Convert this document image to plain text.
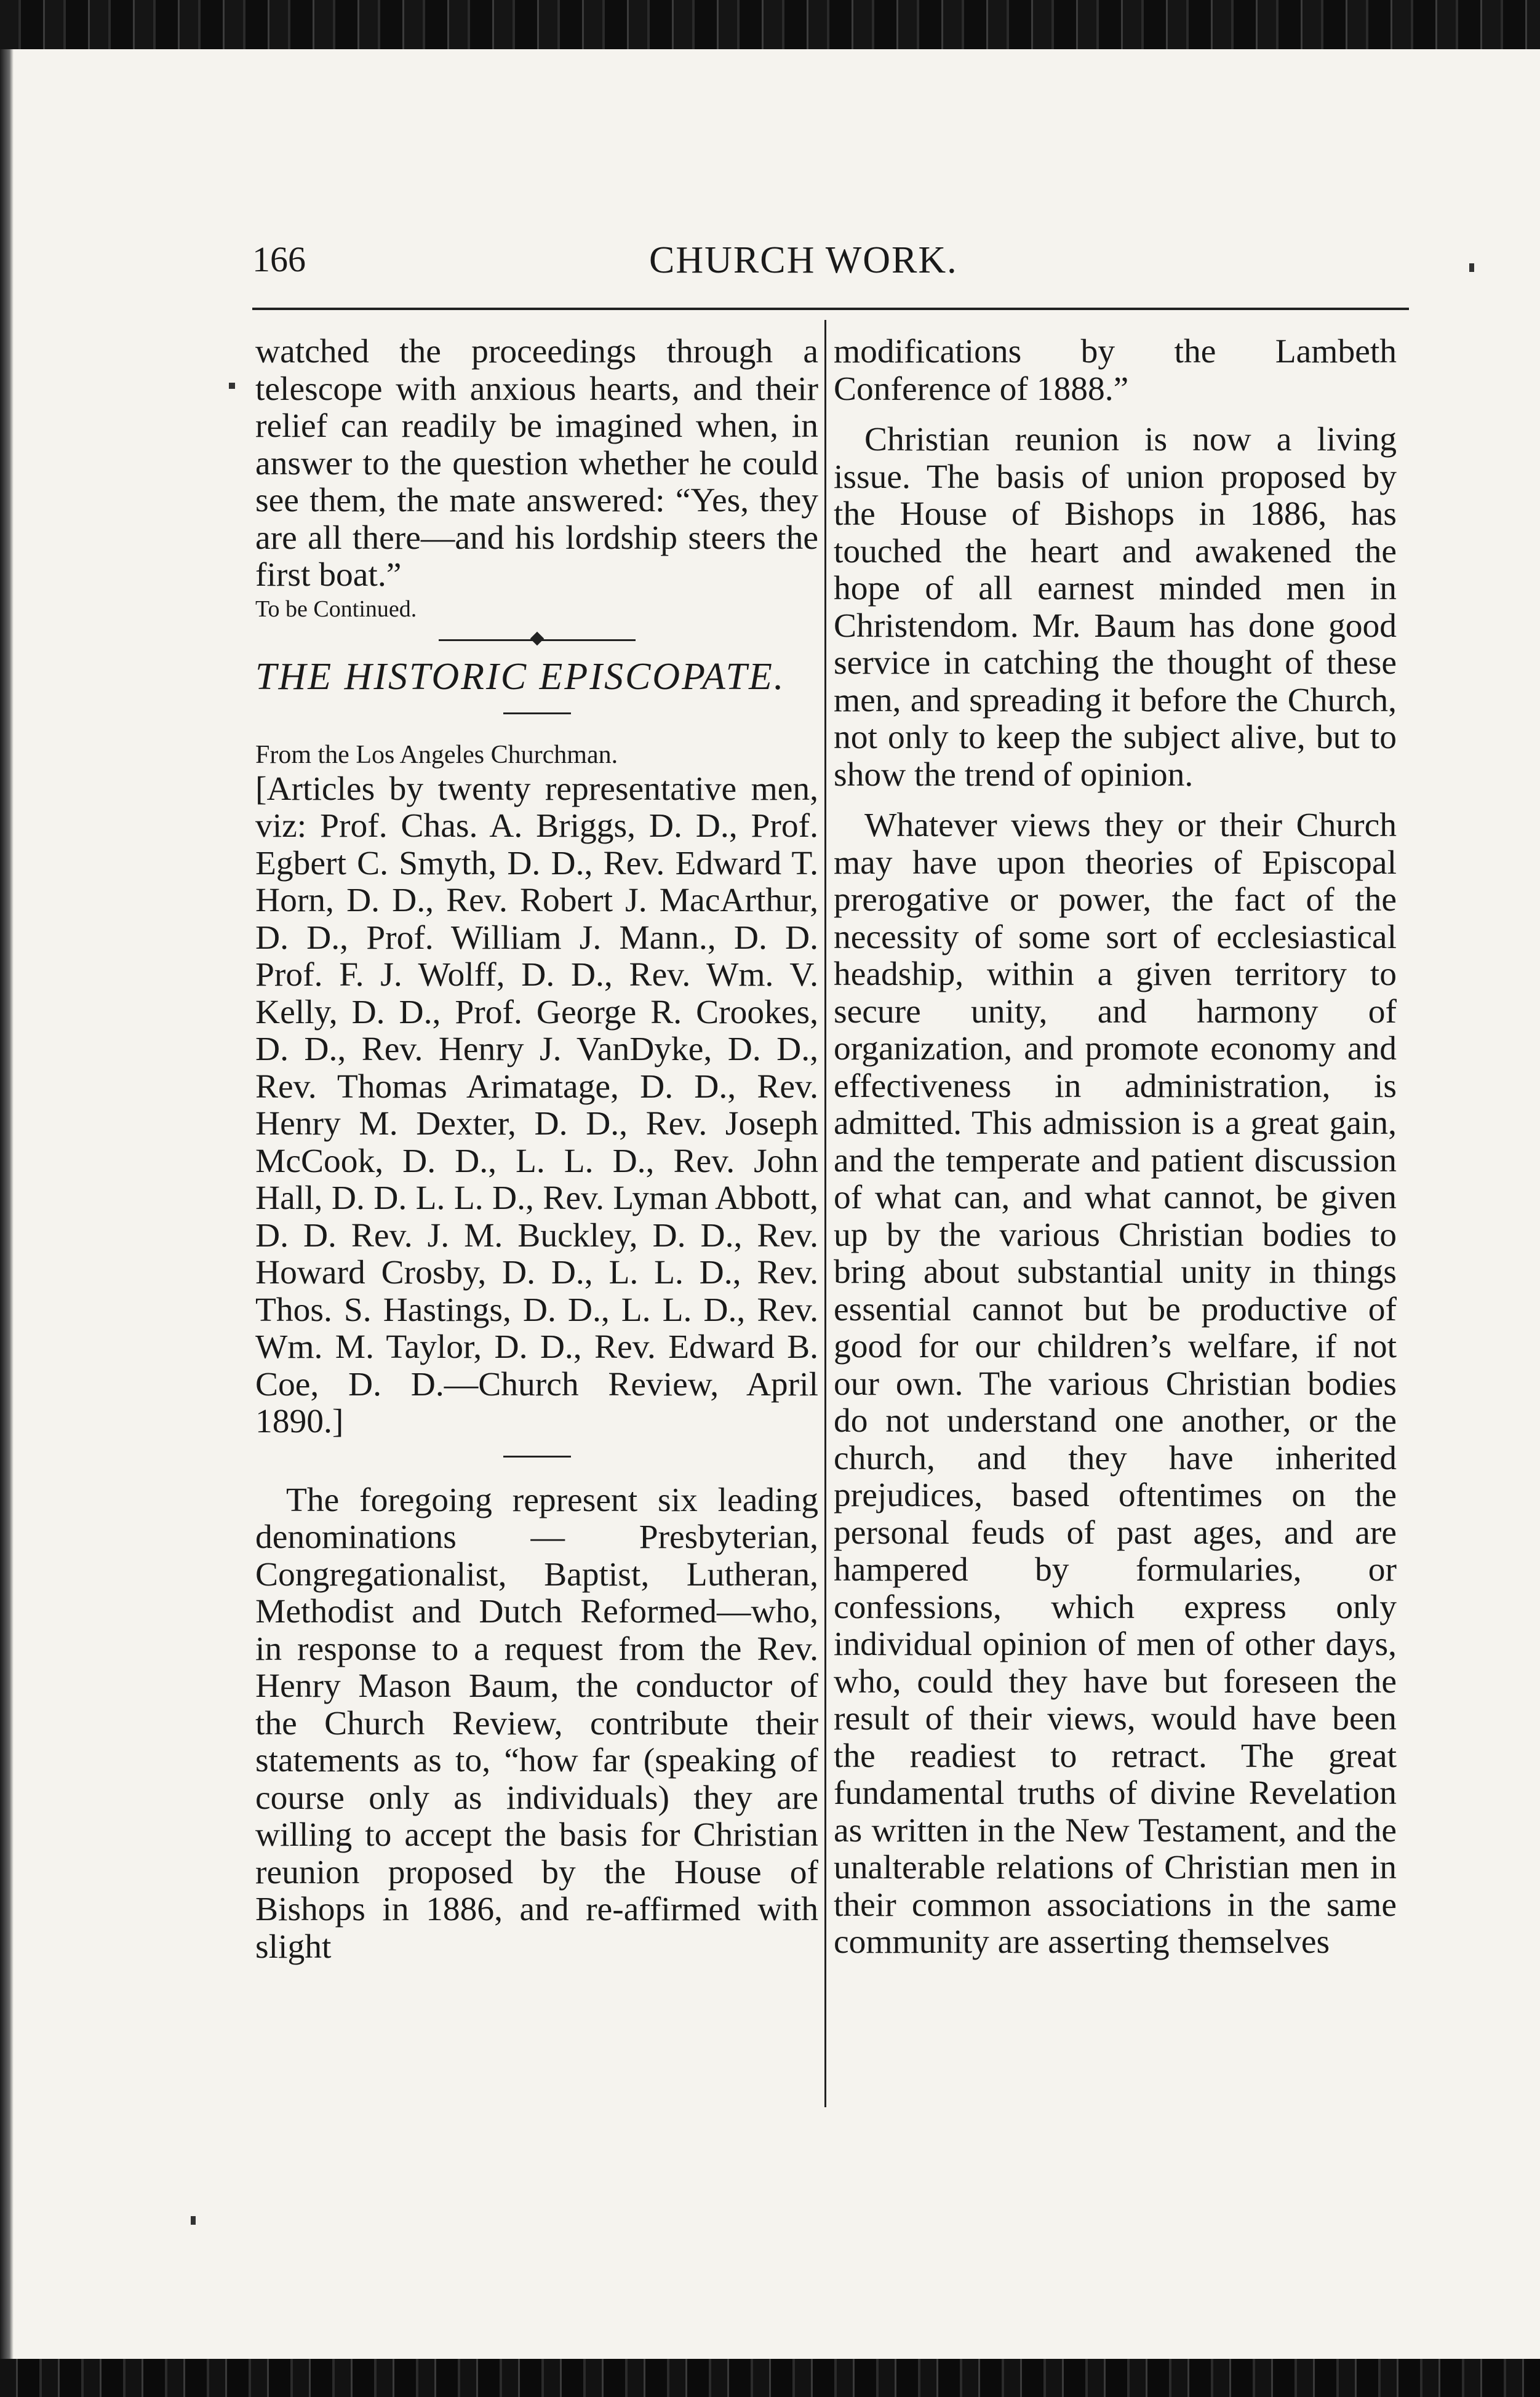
166	CHURCH WORK.

watched the proceedings through a telescope with anxious hearts, and their relief can readily be imagined when, in answer to the question whether he could see them, the mate answered: “Yes, they are all there—and his lordship steers the first boat.”

To be Continued.

THE HISTORIC EPISCOPATE.

From the Los Angeles Churchman.

[Articles by twenty representative men, viz: Prof. Chas. A. Briggs, D. D., Prof. Egbert C. Smyth, D. D., Rev. Edward T. Horn, D. D., Rev. Robert J. MacArthur, D. D., Prof. William J. Mann., D. D. Prof. F. J. Wolff, D. D., Rev. Wm. V. Kelly, D. D., Prof. George R. Crookes, D. D., Rev. Henry J. VanDyke, D. D., Rev. Thomas Arimatage, D. D., Rev. Henry M. Dexter, D. D., Rev. Joseph McCook, D. D., L. L. D., Rev. John Hall, D. D. L. L. D., Rev. Lyman Abbott, D. D. Rev. J. M. Buckley, D. D., Rev. Howard Crosby, D. D., L. L. D., Rev. Thos. S. Hastings, D. D., L. L. D., Rev. Wm. M. Taylor, D. D., Rev. Edward B. Coe, D. D.—Church Review, April 1890.]

The foregoing represent six leading denominations — Presbyterian, Congregationalist, Baptist, Lutheran, Methodist and Dutch Reformed—who, in response to a request from the Rev. Henry Mason Baum, the conductor of the Church Review, contribute their statements as to, “how far (speaking of course only as individuals) they are willing to accept the basis for Christian reunion proposed by the House of Bishops in 1886, and re-affirmed with slight

modifications by the Lambeth Conference of 1888.”

Christian reunion is now a living issue. The basis of union proposed by the House of Bishops in 1886, has touched the heart and awakened the hope of all earnest minded men in Christendom. Mr. Baum has done good service in catching the thought of these men, and spreading it before the Church, not only to keep the subject alive, but to show the trend of opinion.

Whatever views they or their Church may have upon theories of Episcopal prerogative or power, the fact of the necessity of some sort of ecclesiastical headship, within a given territory to secure unity, and harmony of organization, and promote economy and effectiveness in administration, is admitted. This admission is a great gain, and the temperate and patient discussion of what can, and what cannot, be given up by the various Christian bodies to bring about substantial unity in things essential cannot but be productive of good for our children’s welfare, if not our own. The various Christian bodies do not understand one another, or the church, and they have inherited prejudices, based oftentimes on the personal feuds of past ages, and are hampered by formularies, or confessions, which express only individual opinion of men of other days, who, could they have but foreseen the result of their views, would have been the readiest to retract. The great fundamental truths of divine Revelation as written in the New Testament, and the unalterable relations of Christian men in their common associations in the same community are asserting themselves
